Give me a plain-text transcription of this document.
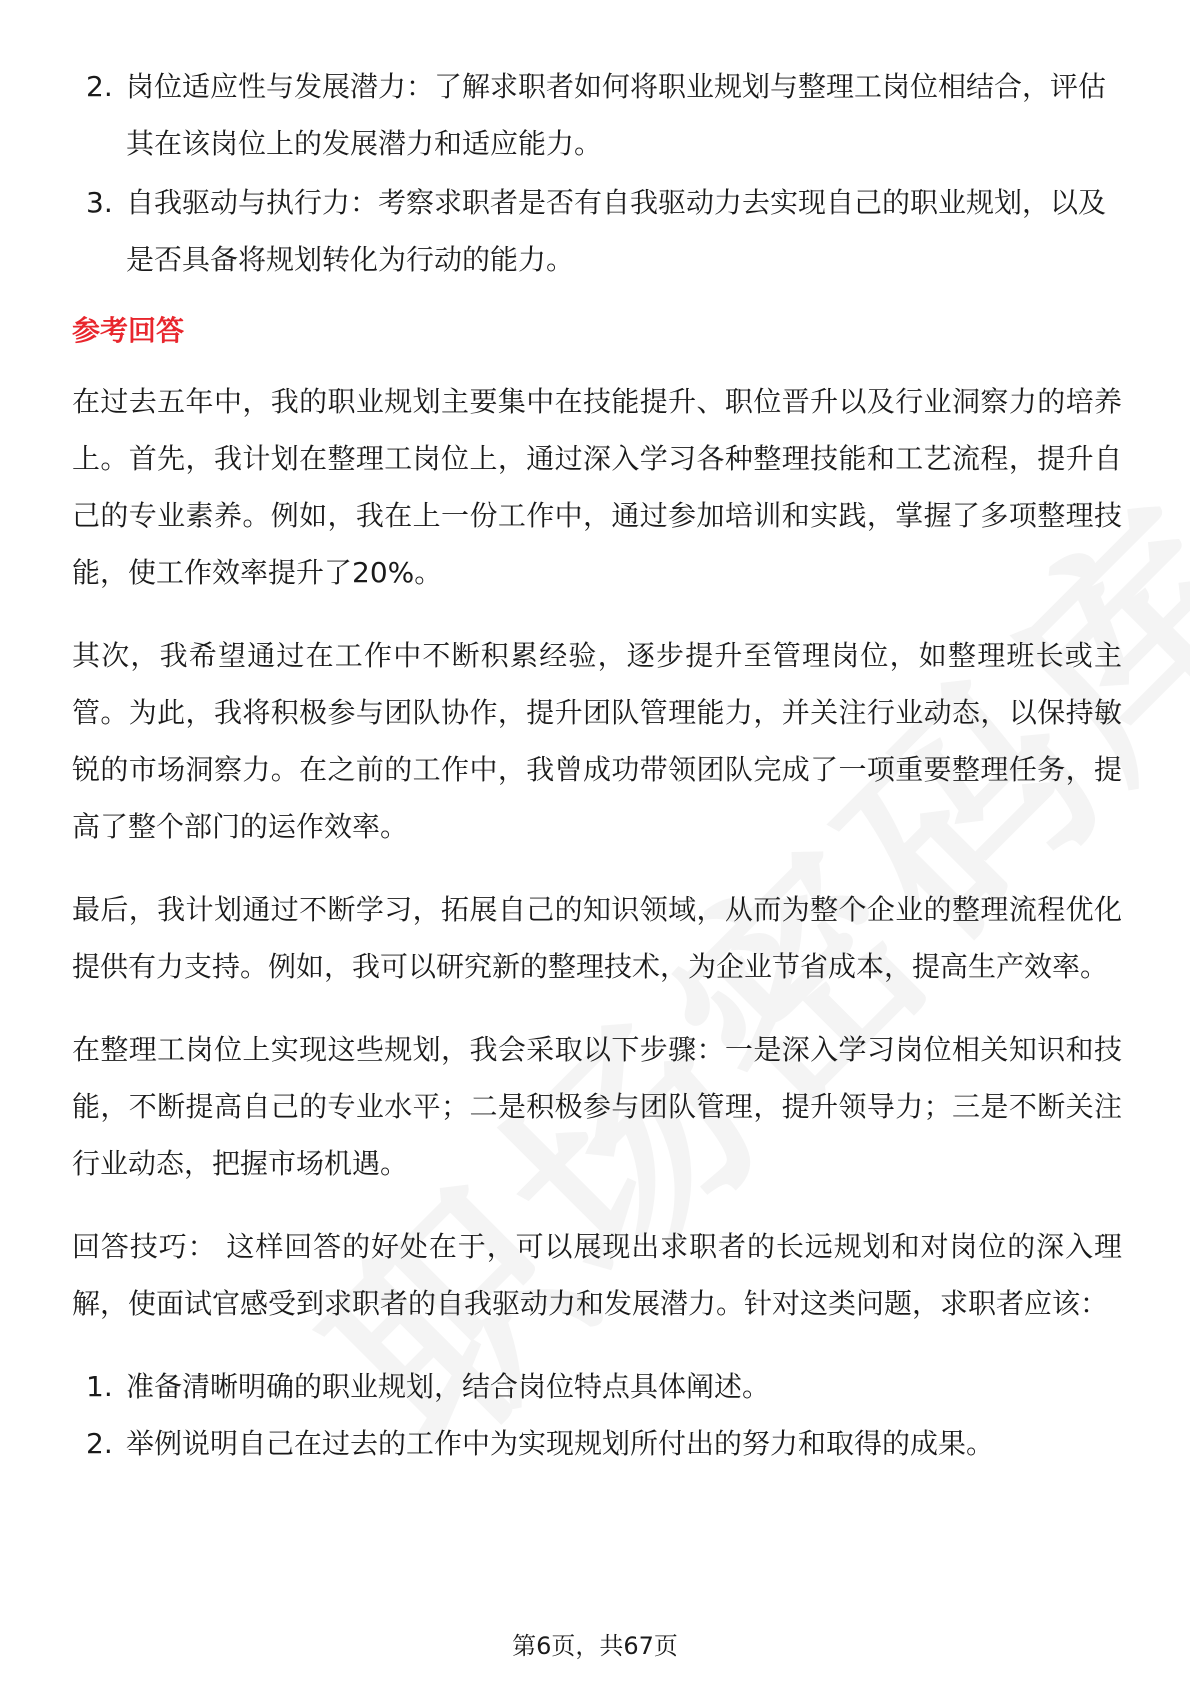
2. 岗位适应性与发展潜力：了解求职者如何将职业规划与整理工岗位相结合，评估其在该岗位上的发展潜力和适应能力。
3. 自我驱动与执行力：考察求职者是否有自我驱动力去实现自己的职业规划，以及是否具备将规划转化为行动的能力。
参考回答

在过去五年中，我的职业规划主要集中在技能提升、职位晋升以及行业洞察力的培养上。首先，我计划在整理工岗位上，通过深入学习各种整理技能和工艺流程，提升自己的专业素养。例如，我在上一份工作中，通过参加培训和实践，掌握了多项整理技能，使工作效率提升了20%。

其次，我希望通过在工作中不断积累经验，逐步提升至管理岗位，如整理班长或主管。为此，我将积极参与团队协作，提升团队管理能力，并关注行业动态，以保持敏锐的市场洞察力。在之前的工作中，我曾成功带领团队完成了一项重要整理任务，提高了整个部门的运作效率。

最后，我计划通过不断学习，拓展自己的知识领域，从而为整个企业的整理流程优化提供有力支持。例如，我可以研究新的整理技术，为企业节省成本，提高生产效率。

在整理工岗位上实现这些规划，我会采取以下步骤：一是深入学习岗位相关知识和技能，不断提高自己的专业水平；二是积极参与团队管理，提升领导力；三是不断关注行业动态，把握市场机遇。

回答技巧： 这样回答的好处在于，可以展现出求职者的长远规划和对岗位的深入理解，使面试官感受到求职者的自我驱动力和发展潜力。针对这类问题，求职者应该：

1. 准备清晰明确的职业规划，结合岗位特点具体阐述。
2. 举例说明自己在过去的工作中为实现规划所付出的努力和取得的成果。
第6页，共67页
